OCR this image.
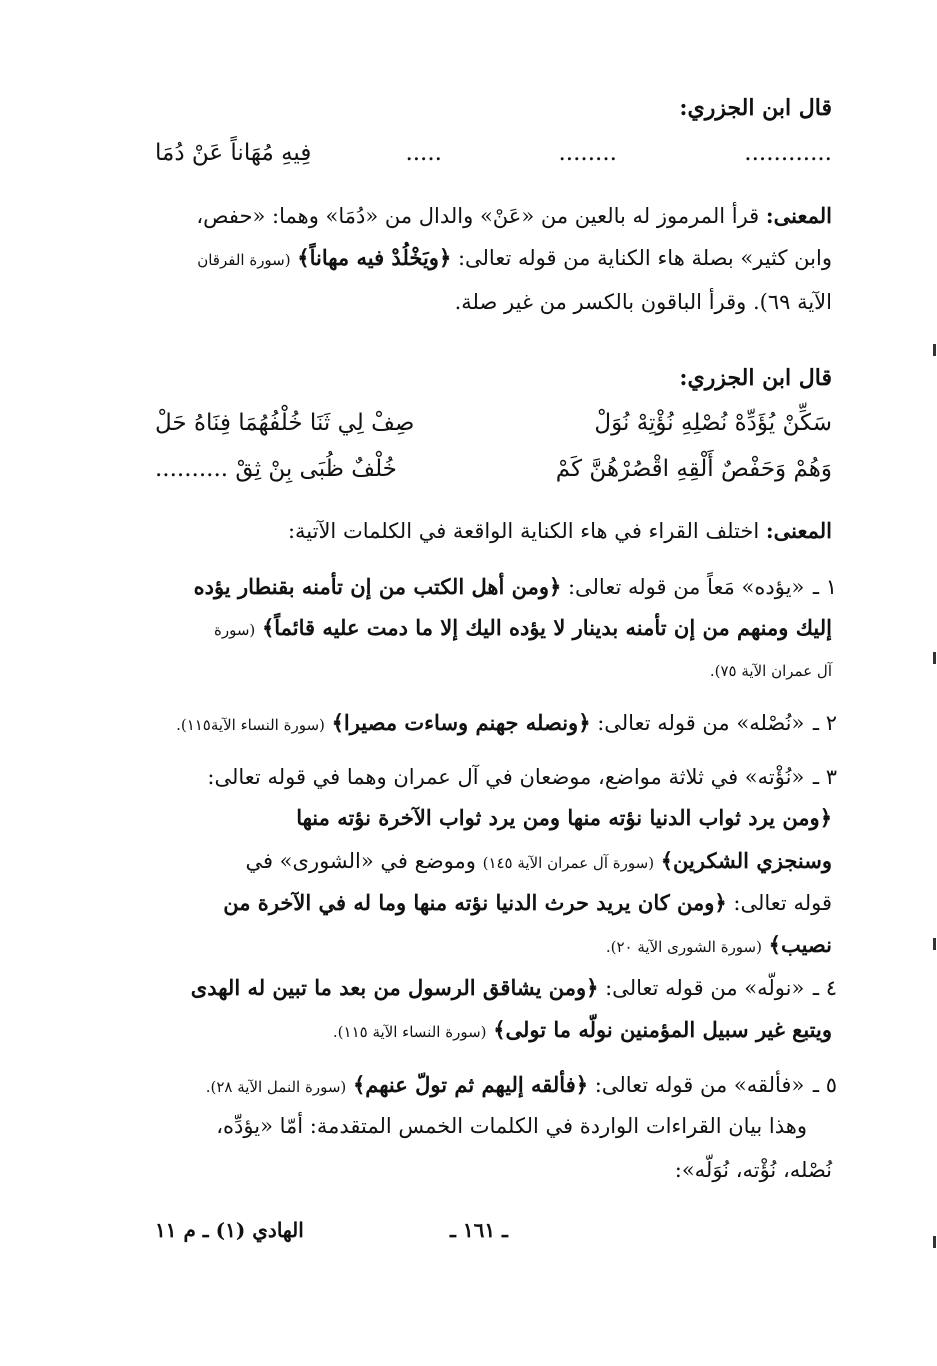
قال ابن الجزري:
............
........
.....
فِيهِ مُهَاناً عَنْ دُمَا
المعنى: قرأ المرموز له بالعين من «عَنْ» والدال من «دُمَا» وهما: «حفص،
وابن كثير» بصلة هاء الكناية من قوله تعالى: ﴿ويَخْلُدْ فيه مهاناً﴾ (سورة الفرقان
الآية ٦٩). وقرأ الباقون بالكسر من غير صلة.
قال ابن الجزري:
سَكِّنْ يُؤَدِّهْ نُصْلِهِ نُؤْتِهْ نُوَلْ
صِفْ لِي ثَنَا خُلْفُهُمَا فِنَاهُ حَلْ
وَهُمْ وَحَفْصٌ أَلْقِهِ اقْصُرْهُنَّ كَمْ
خُلْفٌ ظُبَى بِنْ ثِقْ ..........
المعنى: اختلف القراء في هاء الكناية الواقعة في الكلمات الآتية:
١ ـ «يؤده» مَعاً من قوله تعالى: ﴿ومن أهل الكتب من إن تأمنه بقنطار يؤده
إليك ومنهم من إن تأمنه بدينار لا يؤده اليك إلا ما دمت عليه قائماً﴾ (سورة
آل عمران الآية ٧٥).
٢ ـ «نُصْله» من قوله تعالى: ﴿ونصله جهنم وساءت مصيرا﴾ (سورة النساء الآية١١٥).
٣ ـ «نُؤْته» في ثلاثة مواضع، موضعان في آل عمران وهما في قوله تعالى:
﴿ومن يرد ثواب الدنيا نؤته منها ومن يرد ثواب الآخرة نؤته منها
وسنجزي الشكرين﴾ (سورة آل عمران الآية ١٤٥) وموضع في «الشورى» في
قوله تعالى: ﴿ومن كان يريد حرث الدنيا نؤته منها وما له في الآخرة من
نصيب﴾ (سورة الشورى الآية ٢٠).
٤ ـ «نولّه» من قوله تعالى: ﴿ومن يشاقق الرسول من بعد ما تبين له الهدى
ويتبع غير سبيل المؤمنين نولّه ما تولى﴾ (سورة النساء الآية ١١٥).
٥ ـ «فألقه» من قوله تعالى: ﴿فألقه إليهم ثم تولّ عنهم﴾ (سورة النمل الآية ٢٨).
وهذا بيان القراءات الواردة في الكلمات الخمس المتقدمة: أمّا «يؤدِّه،
نُصْله، نُؤْته، نُوَلّه»:
ـ ١٦١ ـ
الهادي (١) ـ م ١١
